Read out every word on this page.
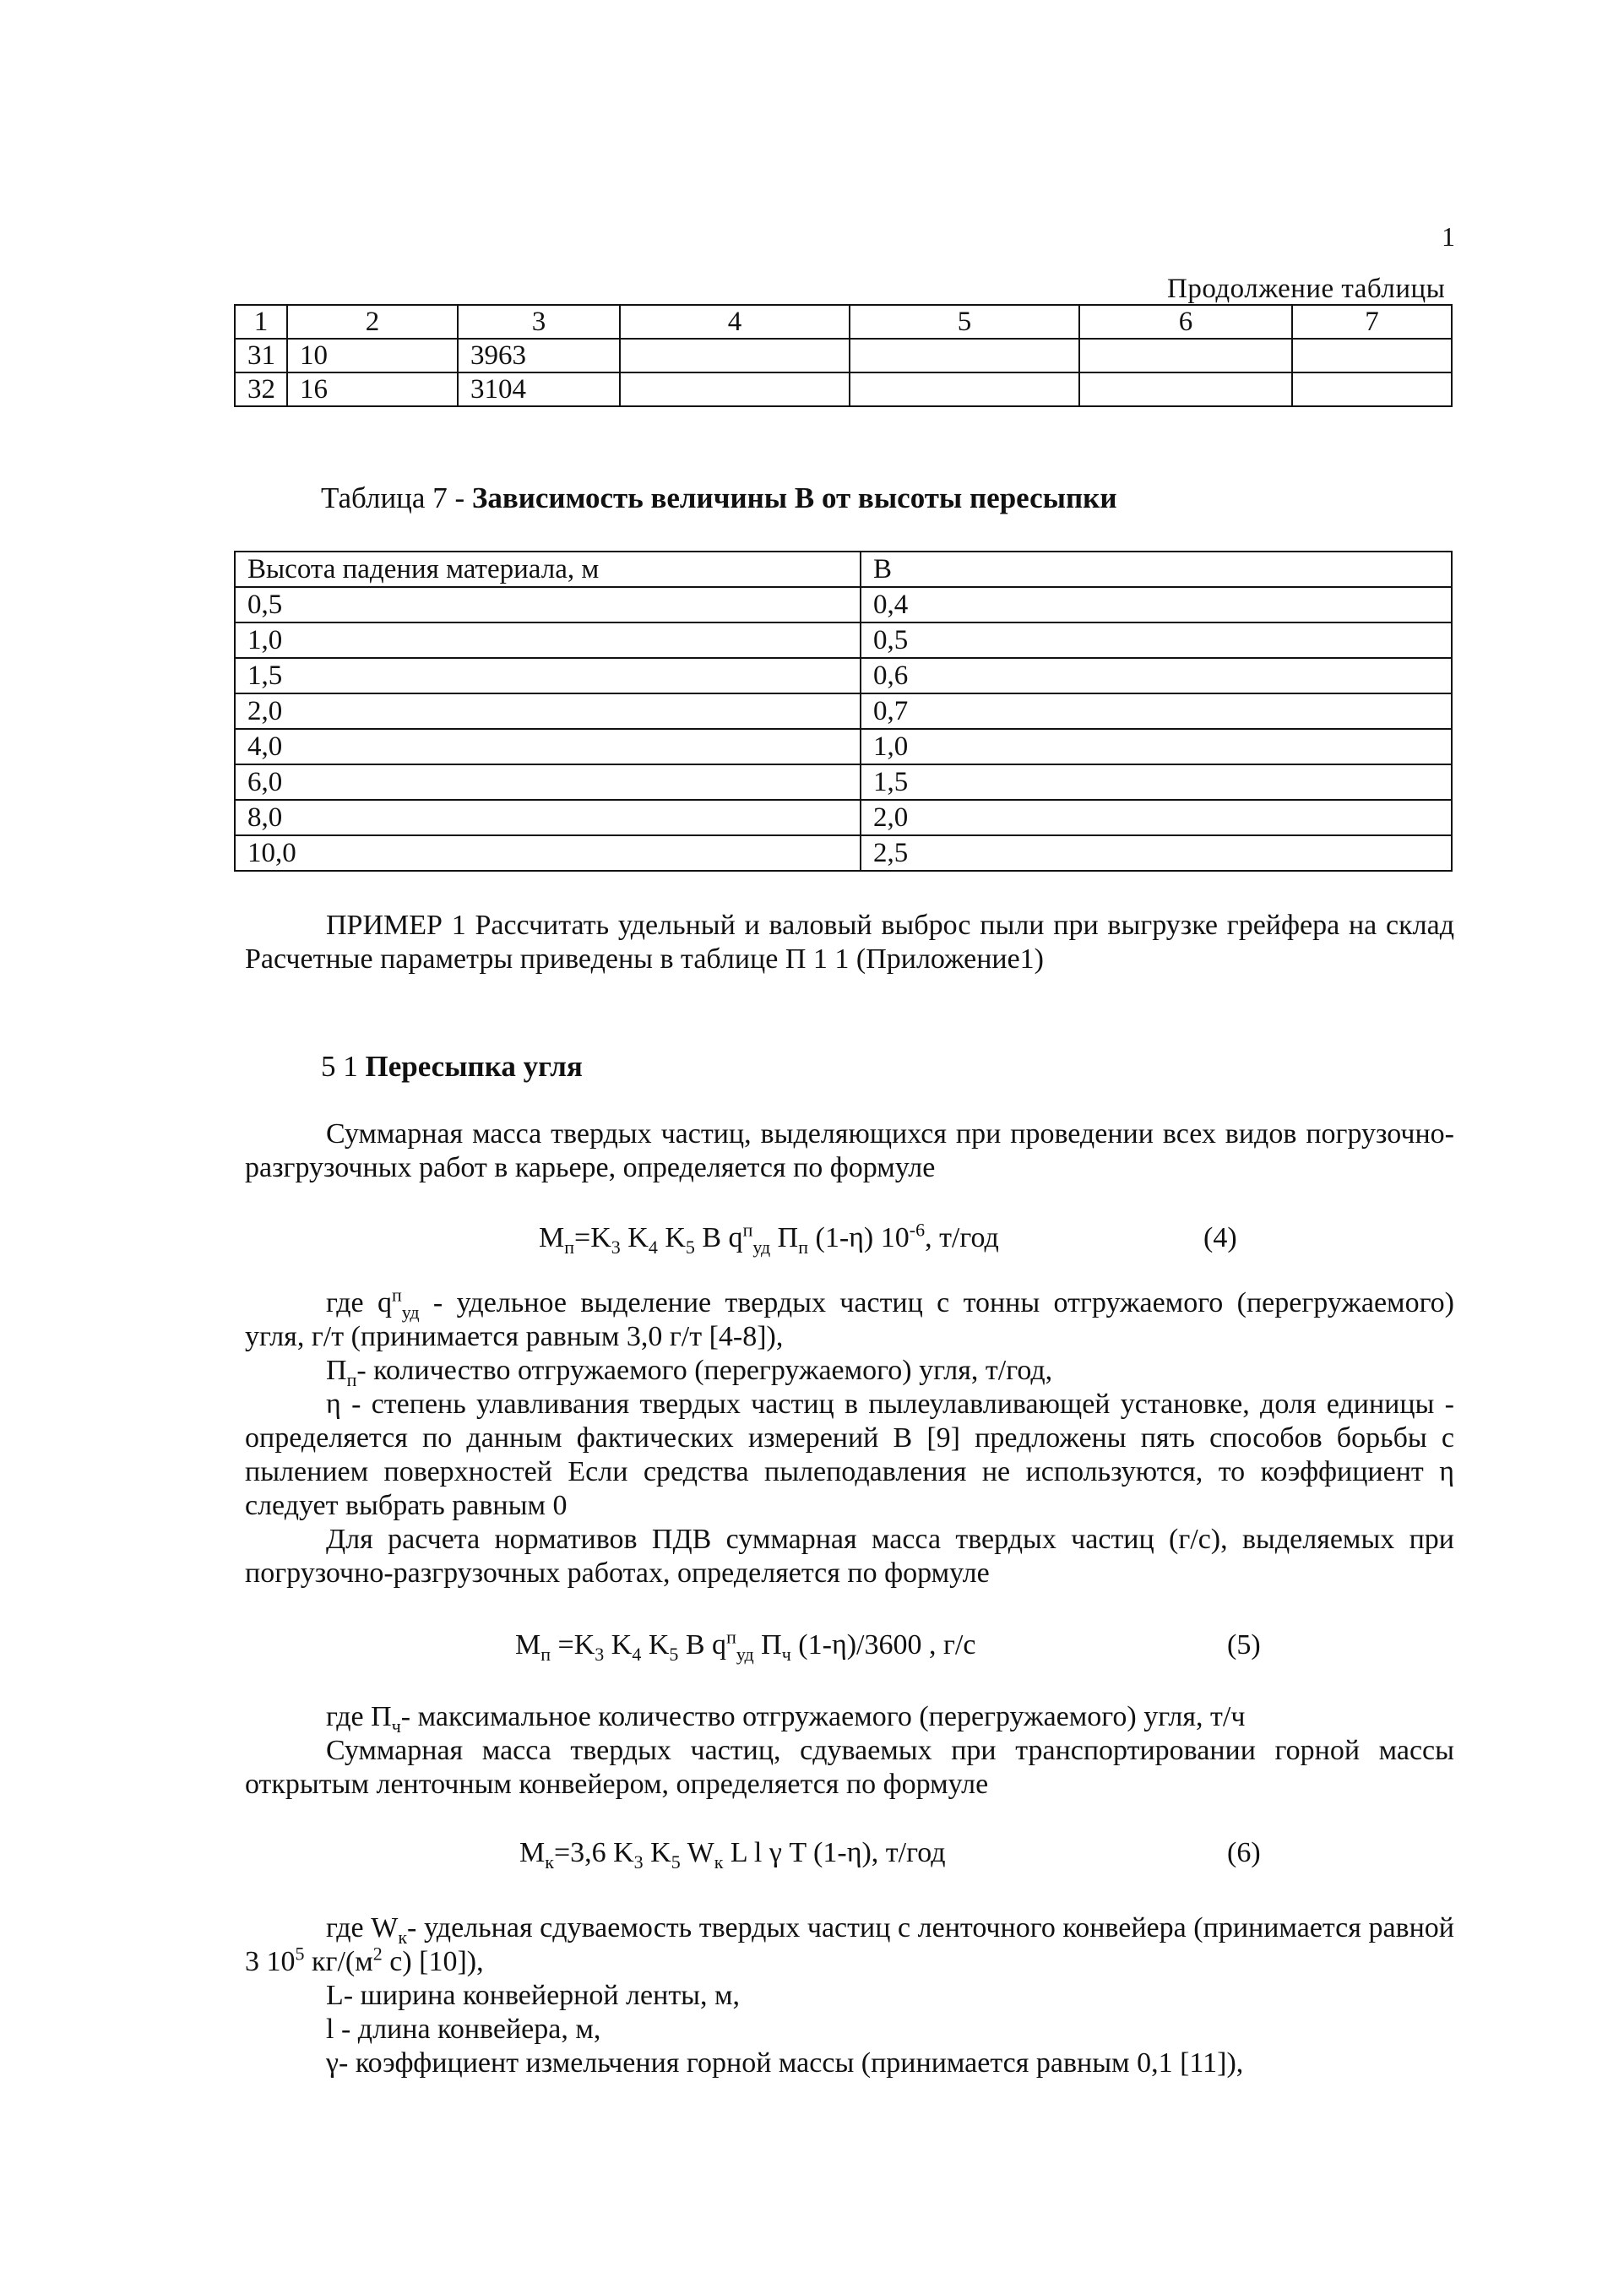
1
Продолжение таблицы
1	2	3	4	5	6	7
31	10	3963				
32	16	3104				
Таблица 7 - Зависимость величины В от высоты пересыпки
Высота падения материала, м	В
0,5	0,4
1,0	0,5
1,5	0,6
2,0	0,7
4,0	1,0
6,0	1,5
8,0	2,0
10,0	2,5
ПРИМЕР 1 Рассчитать удельный и валовый выброс пыли при выгрузке грейфера на склад Расчетные параметры приведены в таблице П 1 1 (Приложение1)
5 1 Пересыпка угля
Суммарная масса твердых частиц, выделяющихся при проведении всех видов погрузочно-разгрузочных работ в карьере, определяется по формуле
$M_п=K_3$ $K_4$ $K_5$ B $q^п_{уд}$ $П_п$ (1-η) $10^{-6}$, т/год	(4)
где $q^п_{уд}$ - удельное выделение твердых частиц с тонны отгружаемого (перегружаемого) угля, г/т (принимается равным 3,0 г/т [4-8]),
$П_п-$ количество отгружаемого (перегружаемого) угля, т/год,
η - степень улавливания твердых частиц в пылеулавливающей установке, доля единицы - определяется по данным фактических измерений В [9] предложены пять способов борьбы с пылением поверхностей Если средства пылеподавления не используются, то коэффициент η следует выбрать равным 0
Для расчета нормативов ПДВ суммарная масса твердых частиц (г/с), выделяемых при погрузочно-разгрузочных работах, определяется по формуле
$M_п =K_3$ $K_4$ $K_5$ B $q^п_{уд}$ $П_ч$ (1-η)/3600 , г/с	(5)
где $П_ч-$ максимальное количество отгружаемого (перегружаемого) угля, т/ч
Суммарная масса твердых частиц, сдуваемых при транспортировании горной массы открытым ленточным конвейером, определяется по формуле
$M_к=3,6$ $K_3$ $K_5$ $W_к$ L l γ T (1-η), т/год	(6)
где $W_к-$ удельная сдуваемость твердых частиц с ленточного конвейера (принимается равной 3 $10^5$ $кг/(м^2$ с) [10]),
L- ширина конвейерной ленты, м,
l - длина конвейера, м,
γ- коэффициент измельчения горной массы (принимается равным 0,1 [11]),
